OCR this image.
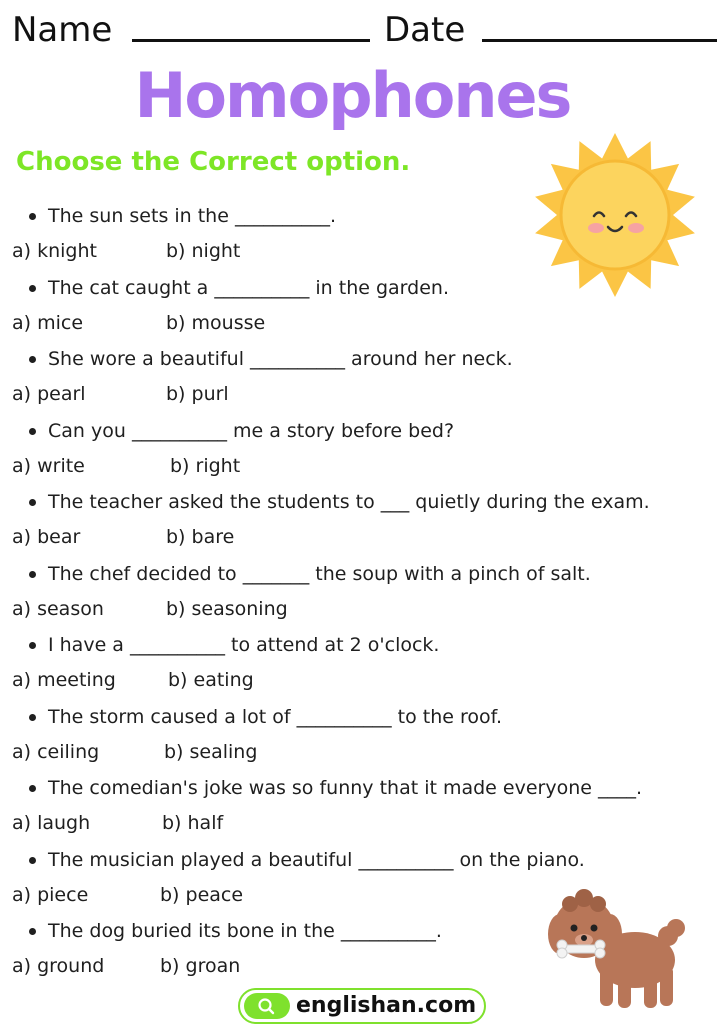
Name	Date
Homophones
Choose the Correct option.
The sun sets in the __________.
a) knight	b) night
The cat caught a __________ in the garden.
a) mice	b) mousse
She wore a beautiful __________ around her neck.
a) pearl	b) purl
Can you __________ me a story before bed?
a) write	b) right
The teacher asked the students to ___ quietly during the exam.
a) bear	b) bare
The chef decided to _______ the soup with a pinch of salt.
a) season	b) seasoning
I have a __________ to attend at 2 o'clock.
a) meeting	b) eating
The storm caused a lot of __________ to the roof.
a) ceiling	b) sealing
The comedian's joke was so funny that it made everyone ____.
a) laugh	b) half
The musician played a beautiful __________ on the piano.
a) piece	b) peace
The dog buried its bone in the __________.
a) ground	b) groan
englishan.com
